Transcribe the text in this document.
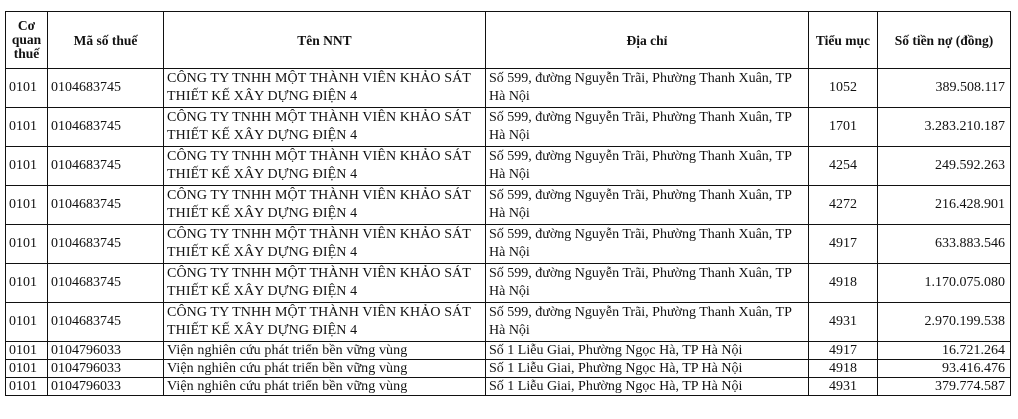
Cơ quan thuế	Mã số thuế	Tên NNT	Địa chỉ	Tiểu mục	Số tiền nợ (đồng)
0101	0104683745	CÔNG TY TNHH MỘT THÀNH VIÊN KHẢO SÁT THIẾT KẾ XÂY DỰNG ĐIỆN 4	Số 599, đường Nguyễn Trãi, Phường Thanh Xuân, TP Hà Nội	1052	389.508.117
0101	0104683745	CÔNG TY TNHH MỘT THÀNH VIÊN KHẢO SÁT THIẾT KẾ XÂY DỰNG ĐIỆN 4	Số 599, đường Nguyễn Trãi, Phường Thanh Xuân, TP Hà Nội	1701	3.283.210.187
0101	0104683745	CÔNG TY TNHH MỘT THÀNH VIÊN KHẢO SÁT THIẾT KẾ XÂY DỰNG ĐIỆN 4	Số 599, đường Nguyễn Trãi, Phường Thanh Xuân, TP Hà Nội	4254	249.592.263
0101	0104683745	CÔNG TY TNHH MỘT THÀNH VIÊN KHẢO SÁT THIẾT KẾ XÂY DỰNG ĐIỆN 4	Số 599, đường Nguyễn Trãi, Phường Thanh Xuân, TP Hà Nội	4272	216.428.901
0101	0104683745	CÔNG TY TNHH MỘT THÀNH VIÊN KHẢO SÁT THIẾT KẾ XÂY DỰNG ĐIỆN 4	Số 599, đường Nguyễn Trãi, Phường Thanh Xuân, TP Hà Nội	4917	633.883.546
0101	0104683745	CÔNG TY TNHH MỘT THÀNH VIÊN KHẢO SÁT THIẾT KẾ XÂY DỰNG ĐIỆN 4	Số 599, đường Nguyễn Trãi, Phường Thanh Xuân, TP Hà Nội	4918	1.170.075.080
0101	0104683745	CÔNG TY TNHH MỘT THÀNH VIÊN KHẢO SÁT THIẾT KẾ XÂY DỰNG ĐIỆN 4	Số 599, đường Nguyễn Trãi, Phường Thanh Xuân, TP Hà Nội	4931	2.970.199.538
0101	0104796033	Viện nghiên cứu phát triển bền vững vùng	Số 1 Liễu Giai, Phường Ngọc Hà, TP Hà Nội	4917	16.721.264
0101	0104796033	Viện nghiên cứu phát triển bền vững vùng	Số 1 Liễu Giai, Phường Ngọc Hà, TP Hà Nội	4918	93.416.476
0101	0104796033	Viện nghiên cứu phát triển bền vững vùng	Số 1 Liễu Giai, Phường Ngọc Hà, TP Hà Nội	4931	379.774.587
